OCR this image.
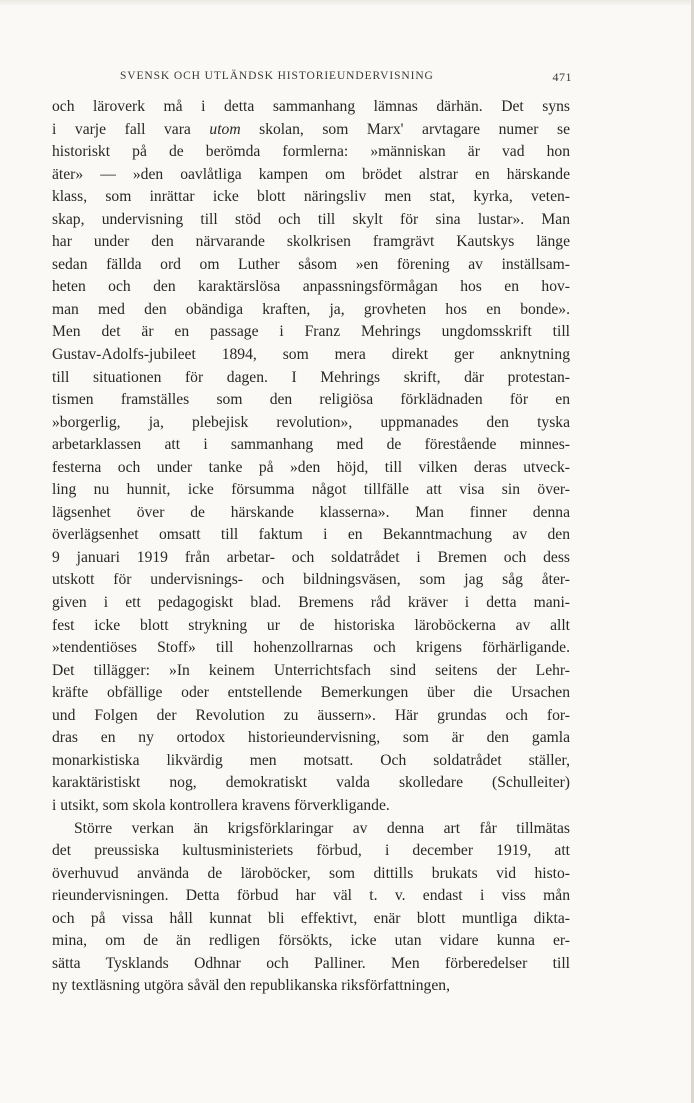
SVENSK OCH UTLÄNDSK HISTORIEUNDERVISNING	471
och läroverk må i detta sammanhang lämnas därhän. Det syns
i varje fall vara utom skolan, som Marx' arvtagare numer se
historiskt på de berömda formlerna: »människan är vad hon
äter» — »den oavlåtliga kampen om brödet alstrar en härskande
klass, som inrättar icke blott näringsliv men stat, kyrka, veten-
skap, undervisning till stöd och till skylt för sina lustar». Man
har under den närvarande skolkrisen framgrävt Kautskys länge
sedan fällda ord om Luther såsom »en förening av inställsam-
heten och den karaktärslösa anpassningsförmågan hos en hov-
man med den obändiga kraften, ja, grovheten hos en bonde».
Men det är en passage i Franz Mehrings ungdomsskrift till
Gustav-Adolfs-jubileet 1894, som mera direkt ger anknytning
till situationen för dagen. I Mehrings skrift, där protestan-
tismen framställes som den religiösa förklädnaden för en
»borgerlig, ja, plebejisk revolution», uppmanades den tyska
arbetarklassen att i sammanhang med de förestående minnes-
festerna och under tanke på »den höjd, till vilken deras utveck-
ling nu hunnit, icke försumma något tillfälle att visa sin över-
lägsenhet över de härskande klasserna». Man finner denna
överlägsenhet omsatt till faktum i en Bekanntmachung av den
9 januari 1919 från arbetar- och soldatrådet i Bremen och dess
utskott för undervisnings- och bildningsväsen, som jag såg åter-
given i ett pedagogiskt blad. Bremens råd kräver i detta mani-
fest icke blott strykning ur de historiska läroböckerna av allt
»tendentiöses Stoff» till hohenzollrarnas och krigens förhärligande.
Det tillägger: »In keinem Unterrichtsfach sind seitens der Lehr-
kräfte obfällige oder entstellende Bemerkungen über die Ursachen
und Folgen der Revolution zu äussern». Här grundas och for-
dras en ny ortodox historieundervisning, som är den gamla
monarkistiska likvärdig men motsatt. Och soldatrådet ställer,
karaktäristiskt nog, demokratiskt valda skolledare (Schulleiter)
i utsikt, som skola kontrollera kravens förverkligande.
Större verkan än krigsförklaringar av denna art får tillmätas
det preussiska kultusministeriets förbud, i december 1919, att
överhuvud använda de läroböcker, som dittills brukats vid histo-
rieundervisningen. Detta förbud har väl t. v. endast i viss mån
och på vissa håll kunnat bli effektivt, enär blott muntliga dikta-
mina, om de än redligen försökts, icke utan vidare kunna er-
sätta Tysklands Odhnar och Palliner. Men förberedelser till
ny textläsning utgöra såväl den republikanska riksförfattningen,
